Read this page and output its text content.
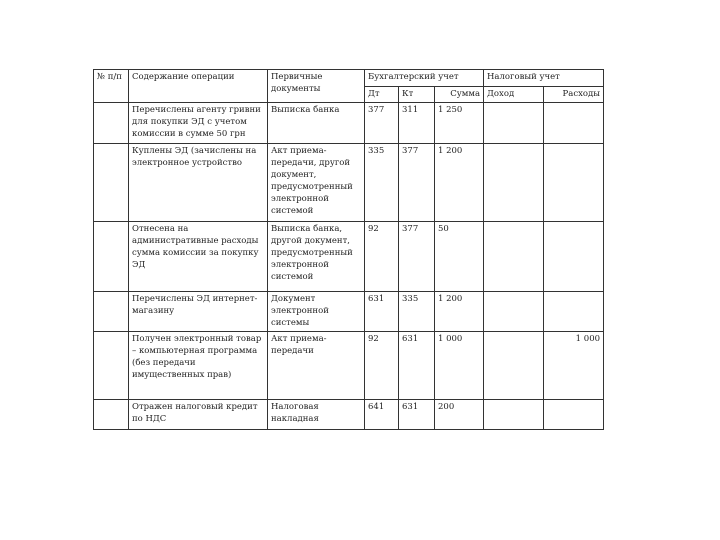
№ п/п	Содержание операции	Первичные документы	Бухгалтерский учет			Налоговый учет	
			Дт	Кт	Сумма	Доход	Расходы
	Перечислены агенту гривни для покупки ЭД с учетом комиссии в сумме 50 грн	Выписка банка	377	311	1 250		
	Куплены ЭД (зачислены на электронное устройство	Акт приема-передачи, другой документ, предусмотренный электронной системой	335	377	1 200		
	Отнесена на административные расходы сумма комиссии за покупку ЭД	Выписка банка, другой документ, предусмотренный электронной системой	92	377	50		
	Перечислены ЭД интернет-магазину	Документ электронной системы	631	335	1 200		
	Получен электронный товар – компьютерная программа (без передачи имущественных прав)	Акт приема-передачи	92	631	1 000		1 000
	Отражен налоговый кредит по НДС	Налоговая накладная	641	631	200		
